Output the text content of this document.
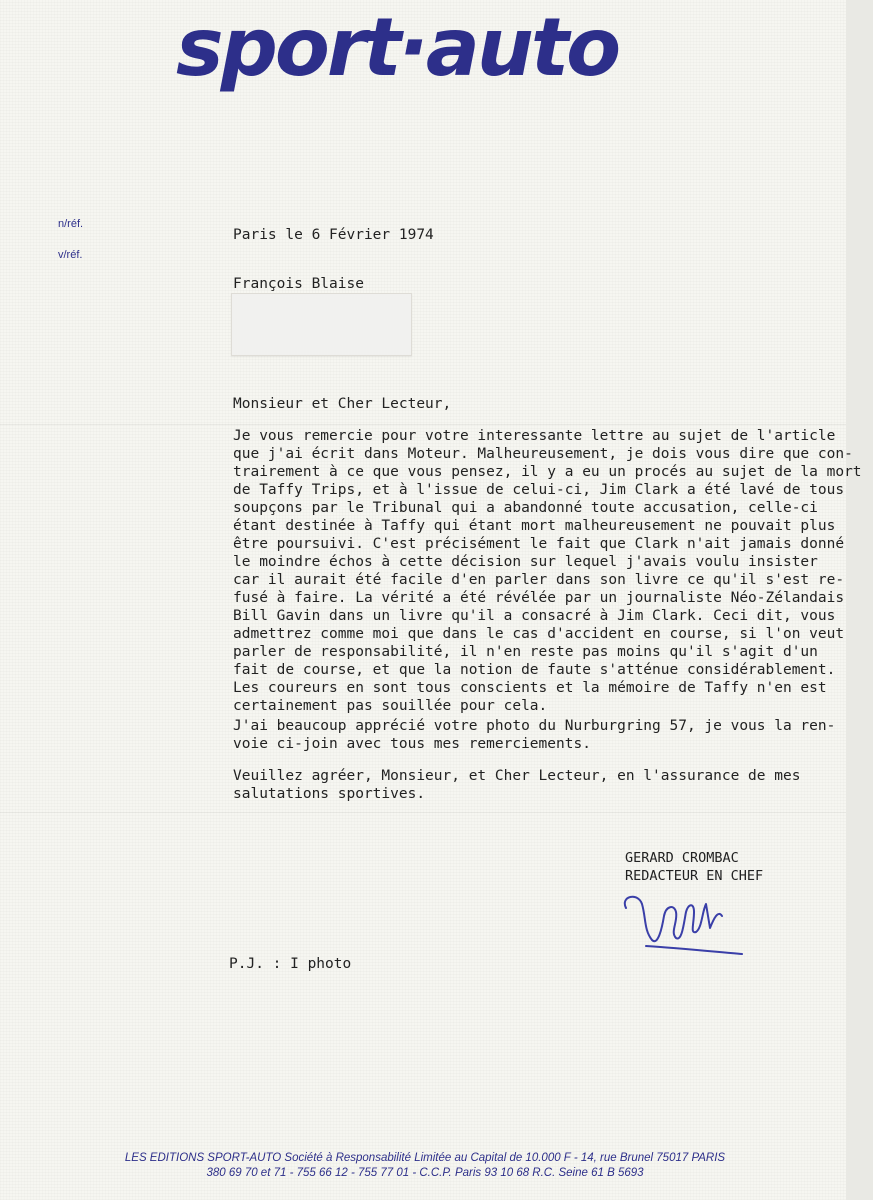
sport·auto
n/réf.
v/réf.
Paris le 6 Février 1974
François Blaise
Monsieur et Cher Lecteur,
Je vous remercie pour votre interessante lettre au sujet de l'article
que j'ai écrit dans Moteur. Malheureusement, je dois vous dire que con-
trairement à ce que vous pensez, il y a eu un procés au sujet de la mort
de Taffy Trips, et à l'issue de celui-ci, Jim Clark a été lavé de tous
soupçons par le Tribunal qui a abandonné toute accusation, celle-ci
étant destinée à Taffy qui étant mort malheureusement ne pouvait plus
être poursuivi. C'est précisément le fait que Clark n'ait jamais donné
le moindre échos à cette décision sur lequel j'avais voulu insister
car il aurait été facile d'en parler dans son livre ce qu'il s'est re-
fusé à faire. La vérité a été révélée par un journaliste Néo-Zélandais
Bill Gavin dans un livre qu'il a consacré à Jim Clark. Ceci dit, vous
admettrez comme moi que dans le cas d'accident en course, si l'on veut
parler de responsabilité, il n'en reste pas moins qu'il s'agit d'un
fait de course, et que la notion de faute s'atténue considérablement.
Les coureurs en sont tous conscients et la mémoire de Taffy n'en est
certainement pas souillée pour cela.
J'ai beaucoup apprécié votre photo du Nurburgring 57, je vous la ren-
voie ci-join avec tous mes remerciements.
Veuillez agréer, Monsieur, et Cher Lecteur, en l'assurance de mes
salutations sportives.
GERARD CROMBAC
REDACTEUR EN CHEF
P.J. : I photo
LES EDITIONS SPORT-AUTO Société à Responsabilité Limitée au Capital de 10.000 F - 14, rue Brunel 75017 PARIS
380 69 70 et 71 - 755 66 12 - 755 77 01 - C.C.P. Paris 93 10 68 R.C. Seine 61 B 5693
